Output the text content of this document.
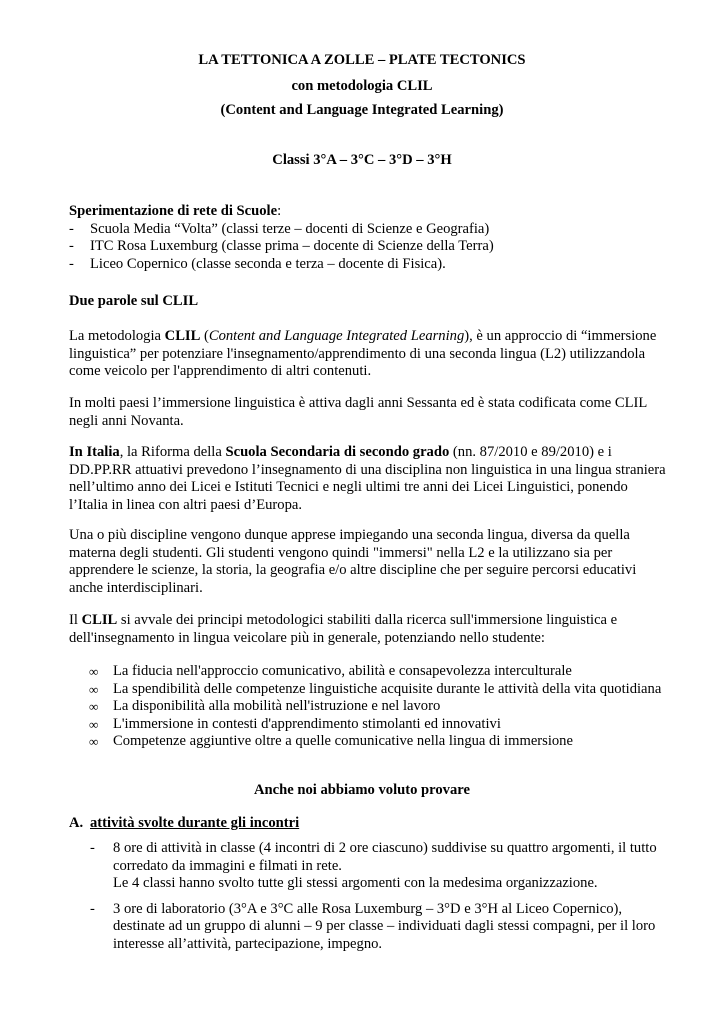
LA TETTONICA A ZOLLE – PLATE TECTONICS
con metodologia CLIL
(Content and Language Integrated Learning)
Classi 3°A – 3°C – 3°D – 3°H

Sperimentazione di rete di Scuole:

- Scuola Media “Volta” (classi terze – docenti di Scienze e Geografia)
- ITC Rosa Luxemburg (classe prima – docente di Scienze della Terra)
- Liceo Copernico (classe seconda e terza – docente di Fisica).
Due parole sul CLIL

La metodologia CLIL (Content and Language Integrated Learning), è un approccio di “immersione linguistica” per potenziare l'insegnamento/apprendimento di una seconda lingua (L2) utilizzandola come veicolo per l'apprendimento di altri contenuti.

In molti paesi l’immersione linguistica è attiva dagli anni Sessanta ed è stata codificata come CLIL negli anni Novanta.

In Italia, la Riforma della Scuola Secondaria di secondo grado (nn. 87/2010 e 89/2010) e i DD.PP.RR attuativi prevedono l’insegnamento di una disciplina non linguistica in una lingua straniera nell’ultimo anno dei Licei e Istituti Tecnici e negli ultimi tre anni dei Licei Linguistici, ponendo l’Italia in linea con altri paesi d’Europa.

Una o più discipline vengono dunque apprese impiegando una seconda lingua, diversa da quella materna degli studenti. Gli studenti vengono quindi "immersi" nella L2 e la utilizzano sia per apprendere le scienze, la storia, la geografia e/o altre discipline che per seguire percorsi educativi anche interdisciplinari.

Il CLIL si avvale dei principi metodologici stabiliti dalla ricerca sull'immersione linguistica e dell'insegnamento in lingua veicolare più in generale, potenziando nello studente:

∞ La fiducia nell'approccio comunicativo, abilità e consapevolezza interculturale
∞ La spendibilità delle competenze linguistiche acquisite durante le attività della vita quotidiana
∞ La disponibilità alla mobilità nell'istruzione e nel lavoro
∞ L'immersione in contesti d'apprendimento stimolanti ed innovativi
∞ Competenze aggiuntive oltre a quelle comunicative nella lingua di immersione
Anche noi abbiamo voluto provare
A. attività svolte durante gli incontri
- 8 ore di attività in classe (4 incontri di 2 ore ciascuno) suddivise su quattro argomenti, il tutto corredato da immagini e filmati in rete.
Le 4 classi hanno svolto tutte gli stessi argomenti con la medesima organizzazione.
- 3 ore di laboratorio (3°A e 3°C alle Rosa Luxemburg – 3°D e 3°H al Liceo Copernico), destinate ad un gruppo di alunni – 9 per classe – individuati dagli stessi compagni, per il loro interesse all’attività, partecipazione, impegno.
